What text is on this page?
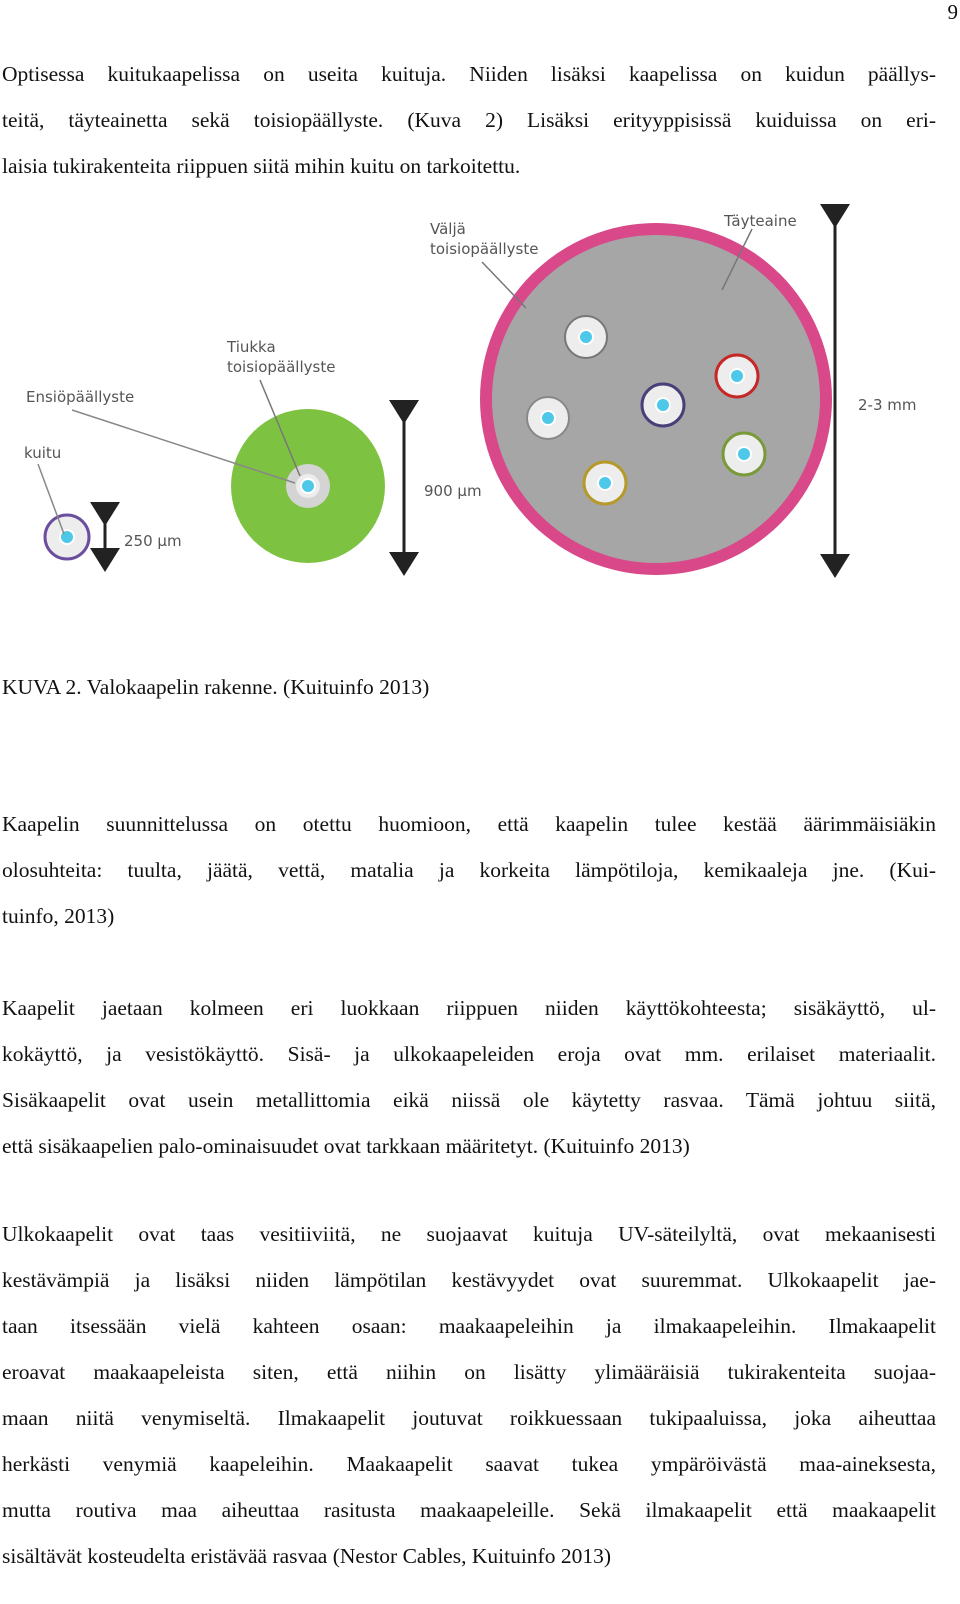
9

Optisessa kuitukaapelissa on useita kuituja. Niiden lisäksi kaapelissa on kuidun päällys-
teitä, täyteainetta sekä toisiopäällyste. (Kuva 2) Lisäksi erityyppisissä kuiduissa on eri-
laisia tukirakenteita riippuen siitä mihin kuitu on tarkoitettu.

Väljä
toisiopäällyste
Täyteaine
Tiukka
toisiopäällyste
Ensiöpäällyste
kuitu
250 µm
900 µm
2-3 mm

KUVA 2. Valokaapelin rakenne. (Kuituinfo 2013)

Kaapelin suunnittelussa on otettu huomioon, että kaapelin tulee kestää äärimmäisiäkin
olosuhteita: tuulta, jäätä, vettä, matalia ja korkeita lämpötiloja, kemikaaleja jne. (Kui-
tuinfo, 2013)

Kaapelit jaetaan kolmeen eri luokkaan riippuen niiden käyttökohteesta; sisäkäyttö, ul-
kokäyttö, ja vesistökäyttö. Sisä- ja ulkokaapeleiden eroja ovat mm. erilaiset materiaalit.
Sisäkaapelit ovat usein metallittomia eikä niissä ole käytetty rasvaa. Tämä johtuu siitä,
että sisäkaapelien palo-ominaisuudet ovat tarkkaan määritetyt. (Kuituinfo 2013)

Ulkokaapelit ovat taas vesitiiviitä, ne suojaavat kuituja UV-säteilyltä, ovat mekaanisesti
kestävämpiä ja lisäksi niiden lämpötilan kestävyydet ovat suuremmat. Ulkokaapelit jae-
taan itsessään vielä kahteen osaan: maakaapeleihin ja ilmakaapeleihin. Ilmakaapelit
eroavat maakaapeleista siten, että niihin on lisätty ylimääräisiä tukirakenteita suojaa-
maan niitä venymiseltä. Ilmakaapelit joutuvat roikkuessaan tukipaaluissa, joka aiheuttaa
herkästi venymiä kaapeleihin. Maakaapelit saavat tukea ympäröivästä maa-aineksesta,
mutta routiva maa aiheuttaa rasitusta maakaapeleille. Sekä ilmakaapelit että maakaapelit
sisältävät kosteudelta eristävää rasvaa (Nestor Cables, Kuituinfo 2013)
